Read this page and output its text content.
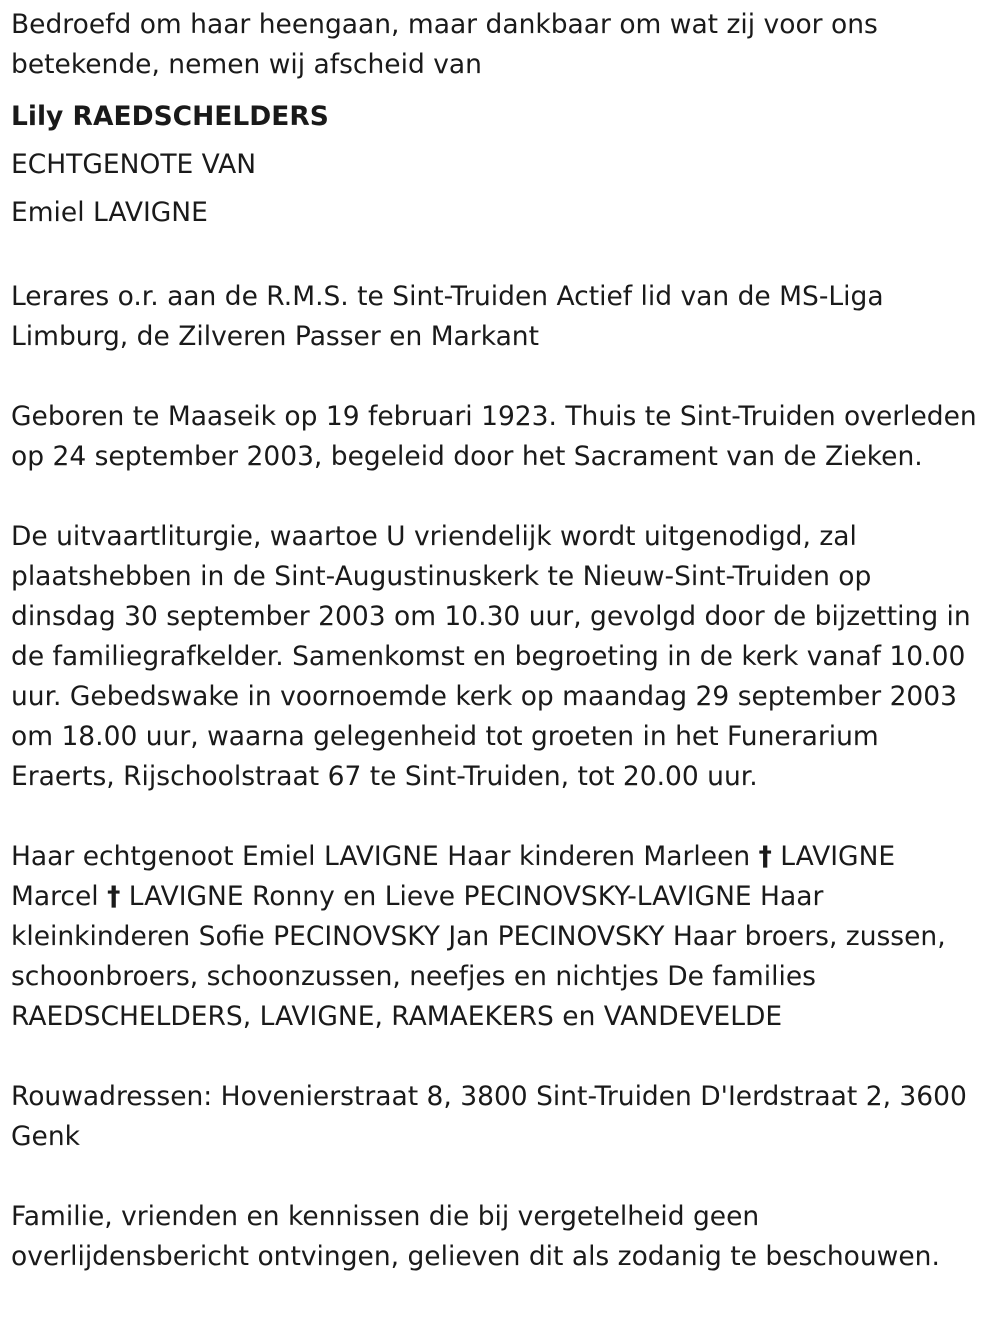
Bedroefd om haar heengaan, maar dankbaar om wat zij voor ons

betekende, nemen wij afscheid van

Lily RAEDSCHELDERS

ECHTGENOTE VAN

Emiel LAVIGNE

Lerares o.r. aan de R.M.S. te Sint-Truiden Actief lid van de MS-Liga

Limburg, de Zilveren Passer en Markant

Geboren te Maaseik op 19 februari 1923. Thuis te Sint-Truiden overleden

op 24 september 2003, begeleid door het Sacrament van de Zieken.

De uitvaartliturgie, waartoe U vriendelijk wordt uitgenodigd, zal

plaatshebben in de Sint-Augustinuskerk te Nieuw-Sint-Truiden op

dinsdag 30 september 2003 om 10.30 uur, gevolgd door de bijzetting in

de familiegrafkelder. Samenkomst en begroeting in de kerk vanaf 10.00

uur. Gebedswake in voornoemde kerk op maandag 29 september 2003

om 18.00 uur, waarna gelegenheid tot groeten in het Funerarium

Eraerts, Rijschoolstraat 67 te Sint-Truiden, tot 20.00 uur.

Haar echtgenoot Emiel LAVIGNE Haar kinderen Marleen † LAVIGNE

Marcel † LAVIGNE Ronny en Lieve PECINOVSKY-LAVIGNE Haar

kleinkinderen Sofie PECINOVSKY Jan PECINOVSKY Haar broers, zussen,

schoonbroers, schoonzussen, neefjes en nichtjes De families

RAEDSCHELDERS, LAVIGNE, RAMAEKERS en VANDEVELDE

Rouwadressen: Hovenierstraat 8, 3800 Sint-Truiden D'Ierdstraat 2, 3600

Genk

Familie, vrienden en kennissen die bij vergetelheid geen

overlijdensbericht ontvingen, gelieven dit als zodanig te beschouwen.
